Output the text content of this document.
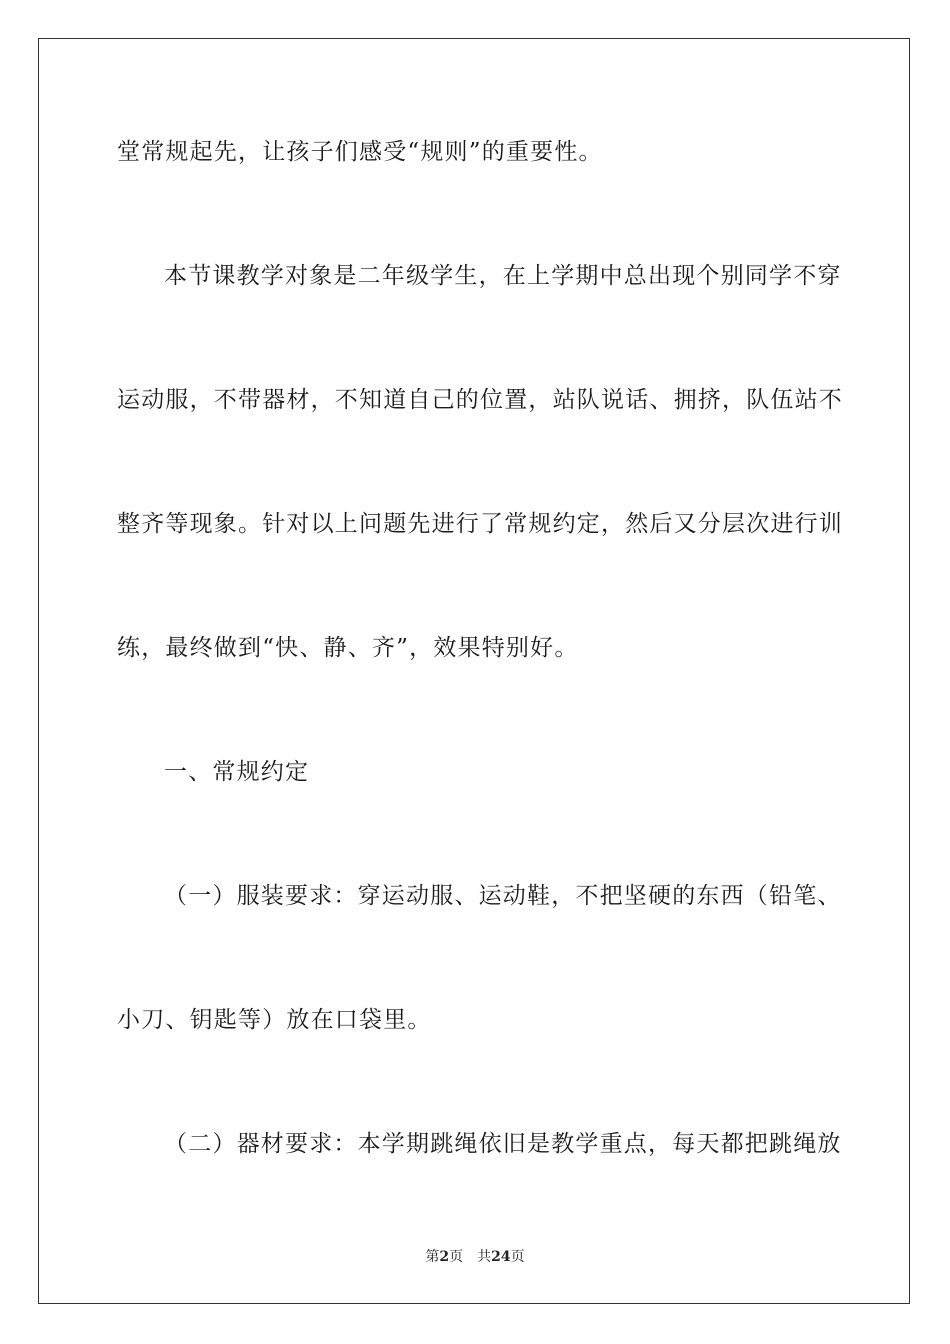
堂常规起先，让孩子们感受“规则”的重要性。
本节课教学对象是二年级学生，在上学期中总出现个别同学不穿
运动服，不带器材，不知道自己的位置，站队说话、拥挤，队伍站不
整齐等现象。针对以上问题先进行了常规约定，然后又分层次进行训
练，最终做到“快、静、齐”，效果特别好。
一、常规约定
（一）服装要求：穿运动服、运动鞋，不把坚硬的东西（铅笔、
小刀、钥匙等）放在口袋里。
（二）器材要求：本学期跳绳依旧是教学重点，每天都把跳绳放
第2页 共24页
